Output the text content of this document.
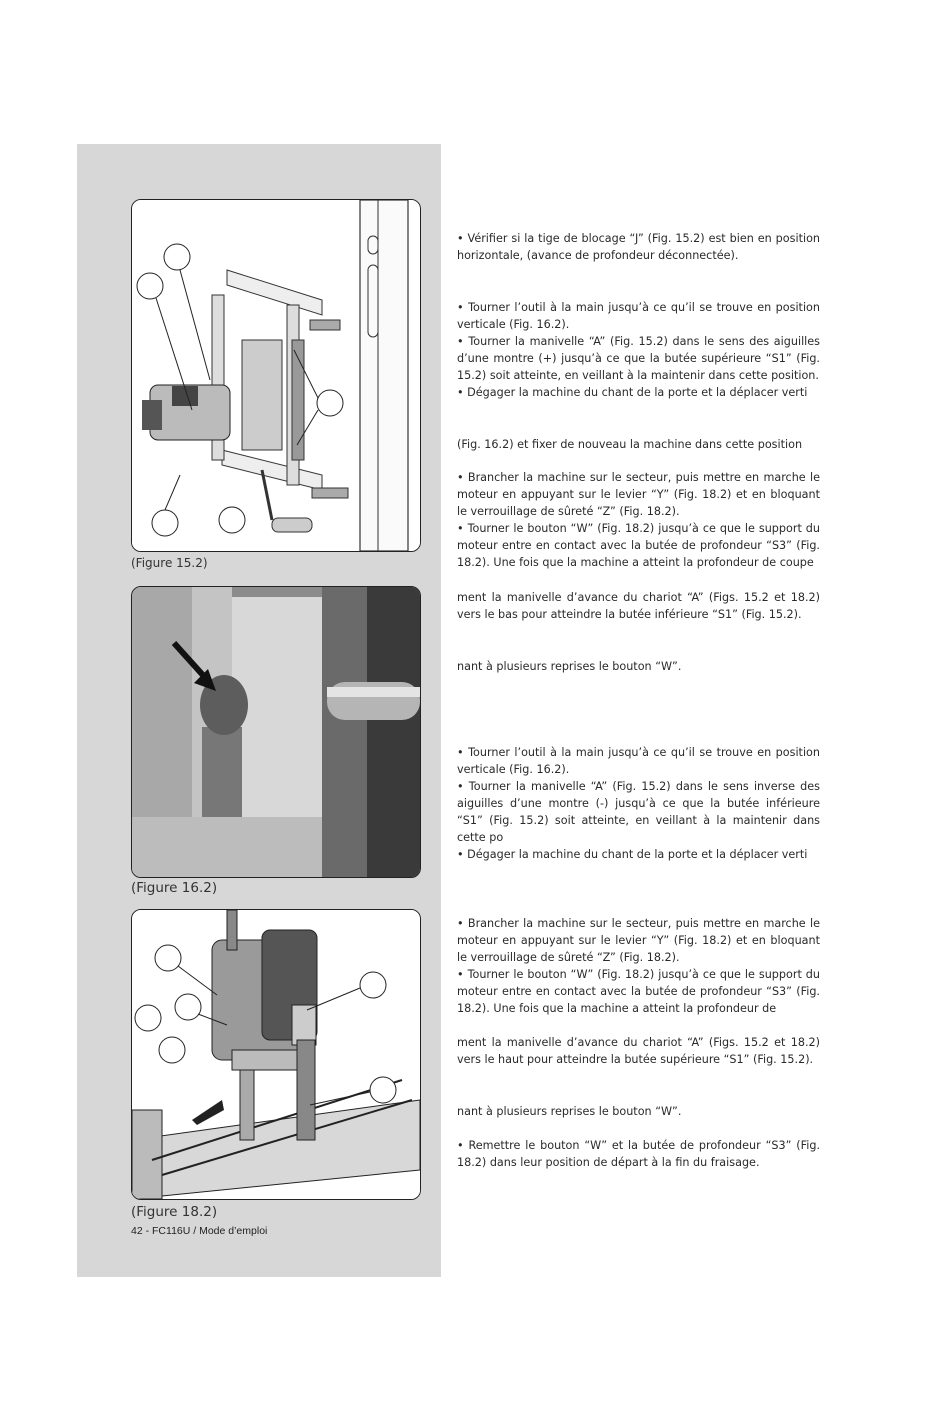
(Figure 15.2)
(Figure 16.2)
(Figure 18.2)
42 - FC116U / Mode d’emploi

• Vérifier si la tige de blocage “J” (Fig. 15.2) est bien en position horizontale, (avance de profondeur déconnectée).

• Tourner l’outil à la main jusqu’à ce qu’il se trouve en position verticale (Fig. 16.2).

• Tourner la manivelle “A” (Fig. 15.2) dans le sens des aiguilles d’une montre (+) jusqu’à ce que la butée supérieure “S1” (Fig. 15.2) soit atteinte, en veillant à la maintenir dans cette position.

• Dégager la machine du chant de la porte et la déplacer verti

(Fig. 16.2) et fixer de nouveau la machine dans cette position

• Brancher la machine sur le secteur, puis mettre en marche le moteur en appuyant sur le levier “Y” (Fig. 18.2) et en bloquant le verrouillage de sûreté “Z” (Fig. 18.2).

• Tourner le bouton “W” (Fig. 18.2) jusqu’à ce que le support du moteur entre en contact avec la butée de profondeur “S3” (Fig. 18.2). Une fois que la machine a atteint la profondeur de coupe

ment la manivelle d’avance du chariot “A” (Figs. 15.2 et 18.2) vers le bas pour atteindre la butée inférieure “S1” (Fig. 15.2).

nant à plusieurs reprises le bouton “W”.

• Tourner l’outil à la main jusqu’à ce qu’il se trouve en position verticale (Fig. 16.2).

• Tourner la manivelle “A” (Fig. 15.2) dans le sens inverse des aiguilles d’une montre (-) jusqu’à ce que la butée inférieure “S1” (Fig. 15.2) soit atteinte, en veillant à la maintenir dans cette po

• Dégager la machine du chant de la porte et la déplacer verti

• Brancher la machine sur le secteur, puis mettre en marche le moteur en appuyant sur le levier “Y” (Fig. 18.2) et en bloquant le verrouillage de sûreté “Z” (Fig. 18.2).

• Tourner le bouton “W” (Fig. 18.2) jusqu’à ce que le support du moteur entre en contact avec la butée de profondeur “S3” (Fig. 18.2). Une fois que la machine a atteint la profondeur de

ment la manivelle d’avance du chariot “A” (Figs. 15.2 et 18.2) vers le haut pour atteindre la butée supérieure “S1” (Fig. 15.2).

nant à plusieurs reprises le bouton “W”.

• Remettre le bouton “W” et la butée de profondeur “S3” (Fig. 18.2) dans leur position de départ à la fin du fraisage.
